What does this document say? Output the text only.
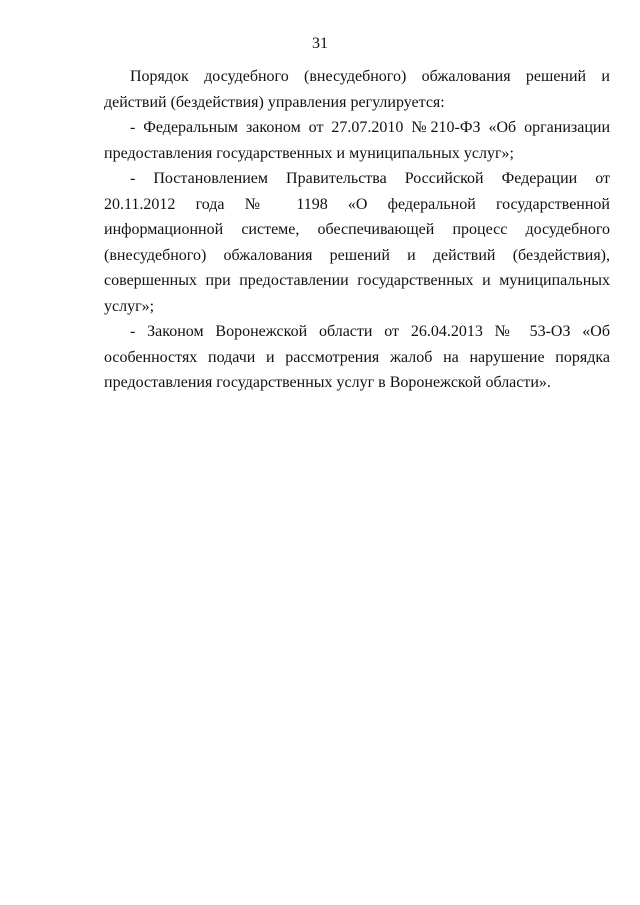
31

Порядок досудебного (внесудебного) обжалования решений и действий (бездействия) управления регулируется:

- Федеральным законом от 27.07.2010 №210-ФЗ «Об организации предоставления государственных и муниципальных услуг»;

- Постановлением Правительства Российской Федерации от 20.11.2012 года № 1198 «О федеральной государственной информационной системе, обеспечивающей процесс досудебного (внесудебного) обжалования решений и действий (бездействия), совершенных при предоставлении государственных и муниципальных услуг»;

- Законом Воронежской области от 26.04.2013 № 53-ОЗ «Об особенностях подачи и рассмотрения жалоб на нарушение порядка предоставления государственных услуг в Воронежской области».
